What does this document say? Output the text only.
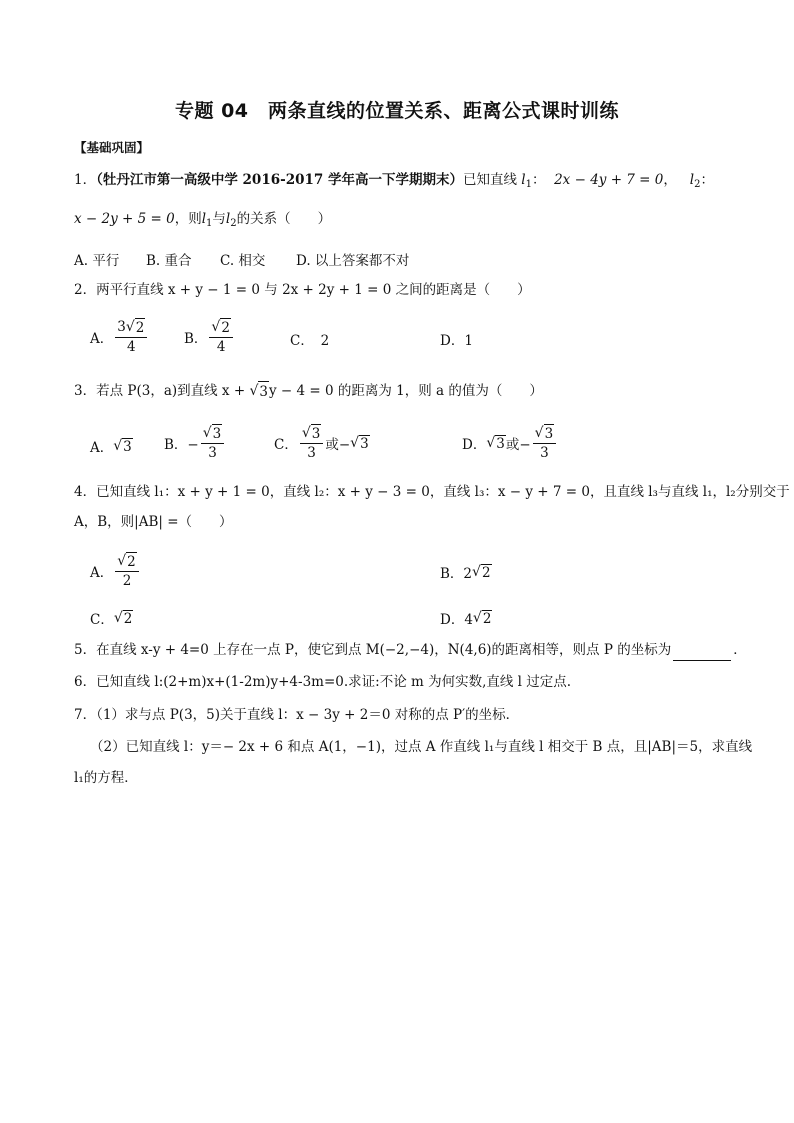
专题 04　两条直线的位置关系、距离公式课时训练
【基础巩固】
1．（牡丹江市第一高级中学 2016-2017 学年高一下学期期末）已知直线 $l_1$： 2x − 4y + 7 = 0， $l_2$：
x − 2y + 5 = 0，则$l_1$与$l_2$的关系（　　）
A. 平行 B. 重合 C. 相交 D. 以上答案都不对
2．两平行直线 x + y − 1 = 0 与 2x + 2y + 1 = 0 之间的距离是（　　）
A． $\frac{3 √ 2}{4}$	B． $\frac{√ 2}{4}$	C．　2	D．1
3．若点 P(3，a)到直线 x + √ 3 y − 4 = 0 的距离为 1，则 a 的值为（　　）
A． √ 3 B．− $\frac{√ 3}{3}$	C． $\frac{√ 3}{3}$ 或− √ 3	D． √ 3 或− $\frac{√ 3}{3}$
4．已知直线 l₁：x + y + 1 = 0，直线 l₂：x + y − 3 = 0，直线 l₃：x − y + 7 = 0，且直线 l₃与直线 l₁，l₂分别交于
A，B，则|AB| =（　　）
A． $\frac{√ 2}{2}$	B．2 √ 2
C． √ 2	D．4 √ 2
5．在直线 x-y + 4=0 上存在一点 P，使它到点 M(−2,−4)，N(4,6)的距离相等，则点 P 的坐标为	．
6．已知直线 l:(2+m)x+(1-2m)y+4-3m=0.求证:不论 m 为何实数,直线 l 过定点.
7．（1）求与点 P(3，5)关于直线 l：x − 3y + 2＝0 对称的点 P′的坐标．
（2）已知直线 l：y＝− 2x + 6 和点 A(1，−1)，过点 A 作直线 l₁与直线 l 相交于 B 点，且|AB|＝5，求直线
l₁的方程．
